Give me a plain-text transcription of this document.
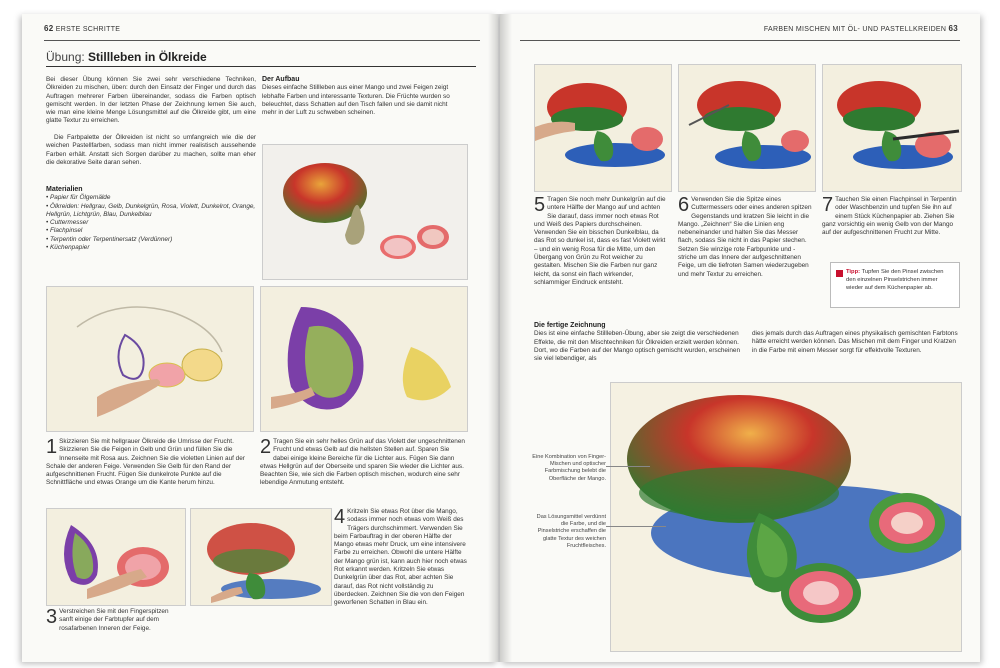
62 ERSTE SCHRITTE
Übung: Stillleben in Ölkreide
Bei dieser Übung können Sie zwei sehr verschiedene Techniken, Ölkreiden zu mischen, üben: durch den Einsatz der Finger und durch das Auftragen mehrerer Farben übereinander, sodass die Farben optisch gemischt werden. In der letzten Phase der Zeichnung lernen Sie auch, wie man eine kleine Menge Lösungsmittel auf die Ölkreide gibt, um eine glatte Textur zu erreichen.
Die Farbpalette der Ölkreiden ist nicht so umfangreich wie die der weichen Pastellfarben, sodass man nicht immer realistisch aussehende Farben erhält. Anstatt sich Sorgen darüber zu machen, sollte man eher die dekorative Seite daran sehen.
Materialien
• Papier für Ölgemälde
• Ölkreiden: Hellgrau, Gelb, Dunkelgrün, Rosa, Violett, Dunkelrot, Orange, Hellgrün, Lichtgrün, Blau, Dunkelblau
• Cuttermesser
• Flachpinsel
• Terpentin oder Terpentinersatz (Verdünner)
• Küchenpapier
Der Aufbau
Dieses einfache Stillleben aus einer Mango und zwei Feigen zeigt lebhafte Farben und interessante Texturen. Die Früchte wurden so beleuchtet, dass Schatten auf den Tisch fallen und sie damit nicht mehr in der Luft zu schweben scheinen.
1 Skizzieren Sie mit hellgrauer Ölkreide die Umrisse der Frucht. Skizzieren Sie die Feigen in Gelb und Grün und füllen Sie die Innenseite mit Rosa aus. Zeichnen Sie die violetten Linien auf der Schale der anderen Feige. Verwenden Sie Gelb für den Rand der aufgeschnittenen Frucht. Fügen Sie dunkelrote Punkte auf die Schnittfläche und etwas Orange um die Kante herum hinzu.
2 Tragen Sie ein sehr helles Grün auf das Violett der ungeschnittenen Frucht und etwas Gelb auf die hellsten Stellen auf. Sparen Sie dabei einige kleine Bereiche für die Lichter aus. Fügen Sie dann etwas Hellgrün auf der Oberseite und sparen Sie wieder die Lichter aus. Beachten Sie, wie sich die Farben optisch mischen, wodurch eine sehr lebendige Anmutung entsteht.
3 Verstreichen Sie mit den Fingerspitzen sanft einige der Farbtupfer auf dem rosafarbenen Inneren der Feige.
4 Kritzeln Sie etwas Rot über die Mango, sodass immer noch etwas vom Weiß des Trägers durchschimmert. Verwenden Sie beim Farbauftrag in der oberen Hälfte der Mango etwas mehr Druck, um eine intensivere Farbe zu erreichen. Obwohl die untere Hälfte der Mango grün ist, kann auch hier noch etwas Rot erkannt werden. Kritzeln Sie etwas Dunkelgrün über das Rot, aber achten Sie darauf, das Rot nicht vollständig zu überdecken. Zeichnen Sie die von den Feigen geworfenen Schatten in Blau ein.
FARBEN MISCHEN MIT ÖL- UND PASTELLKREIDEN 63
5 Tragen Sie noch mehr Dunkelgrün auf die untere Hälfte der Mango auf und achten Sie darauf, dass immer noch etwas Rot und Weiß des Papiers durchscheinen. Verwenden Sie ein bisschen Dunkelblau, da das Rot so dunkel ist, dass es fast Violett wirkt – und ein wenig Rosa für die Mitte, um den Übergang von Grün zu Rot weicher zu gestalten. Mischen Sie die Farben nur ganz leicht, da sonst ein flach wirkender, schlammiger Eindruck entsteht.
6 Verwenden Sie die Spitze eines Cuttermessers oder eines anderen spitzen Gegenstands und kratzen Sie leicht in die Mango. „Zeichnen“ Sie die Linien eng nebeneinander und halten Sie das Messer flach, sodass Sie nicht in das Papier stechen. Setzen Sie winzige rote Farbpunkte und -striche um das Innere der aufgeschnittenen Feige, um die tiefroten Samen wiederzugeben und mehr Textur zu erreichen.
7 Tauchen Sie einen Flachpinsel in Terpentin oder Waschbenzin und tupfen Sie ihn auf einem Stück Küchenpapier ab. Ziehen Sie ganz vorsichtig ein wenig Gelb von der Mango auf der aufgeschnittenen Frucht zur Mitte.
Tipp: Tupfen Sie den Pinsel zwischen den einzelnen Pinselstrichen immer wieder auf dem Küchenpapier ab.
Die fertige Zeichnung
Dies ist eine einfache Stillleben-Übung, aber sie zeigt die verschiedenen Effekte, die mit den Mischtechniken für Ölkreiden erzielt werden können. Dort, wo die Farben auf der Mango optisch gemischt wurden, erscheinen sie viel lebendiger, als
dies jemals durch das Auftragen eines physikalisch gemischten Farbtons hätte erreicht werden können. Das Mischen mit dem Finger und Kratzen in die Farbe mit einem Messer sorgt für effektvolle Texturen.
Eine Kombination von Finger-Mischen und optischer Farbmischung belebt die Oberfläche der Mango.
Das Lösungsmittel verdünnt die Farbe, und die Pinselstriche erschaffen die glatte Textur des weichen Fruchtfleisches.
